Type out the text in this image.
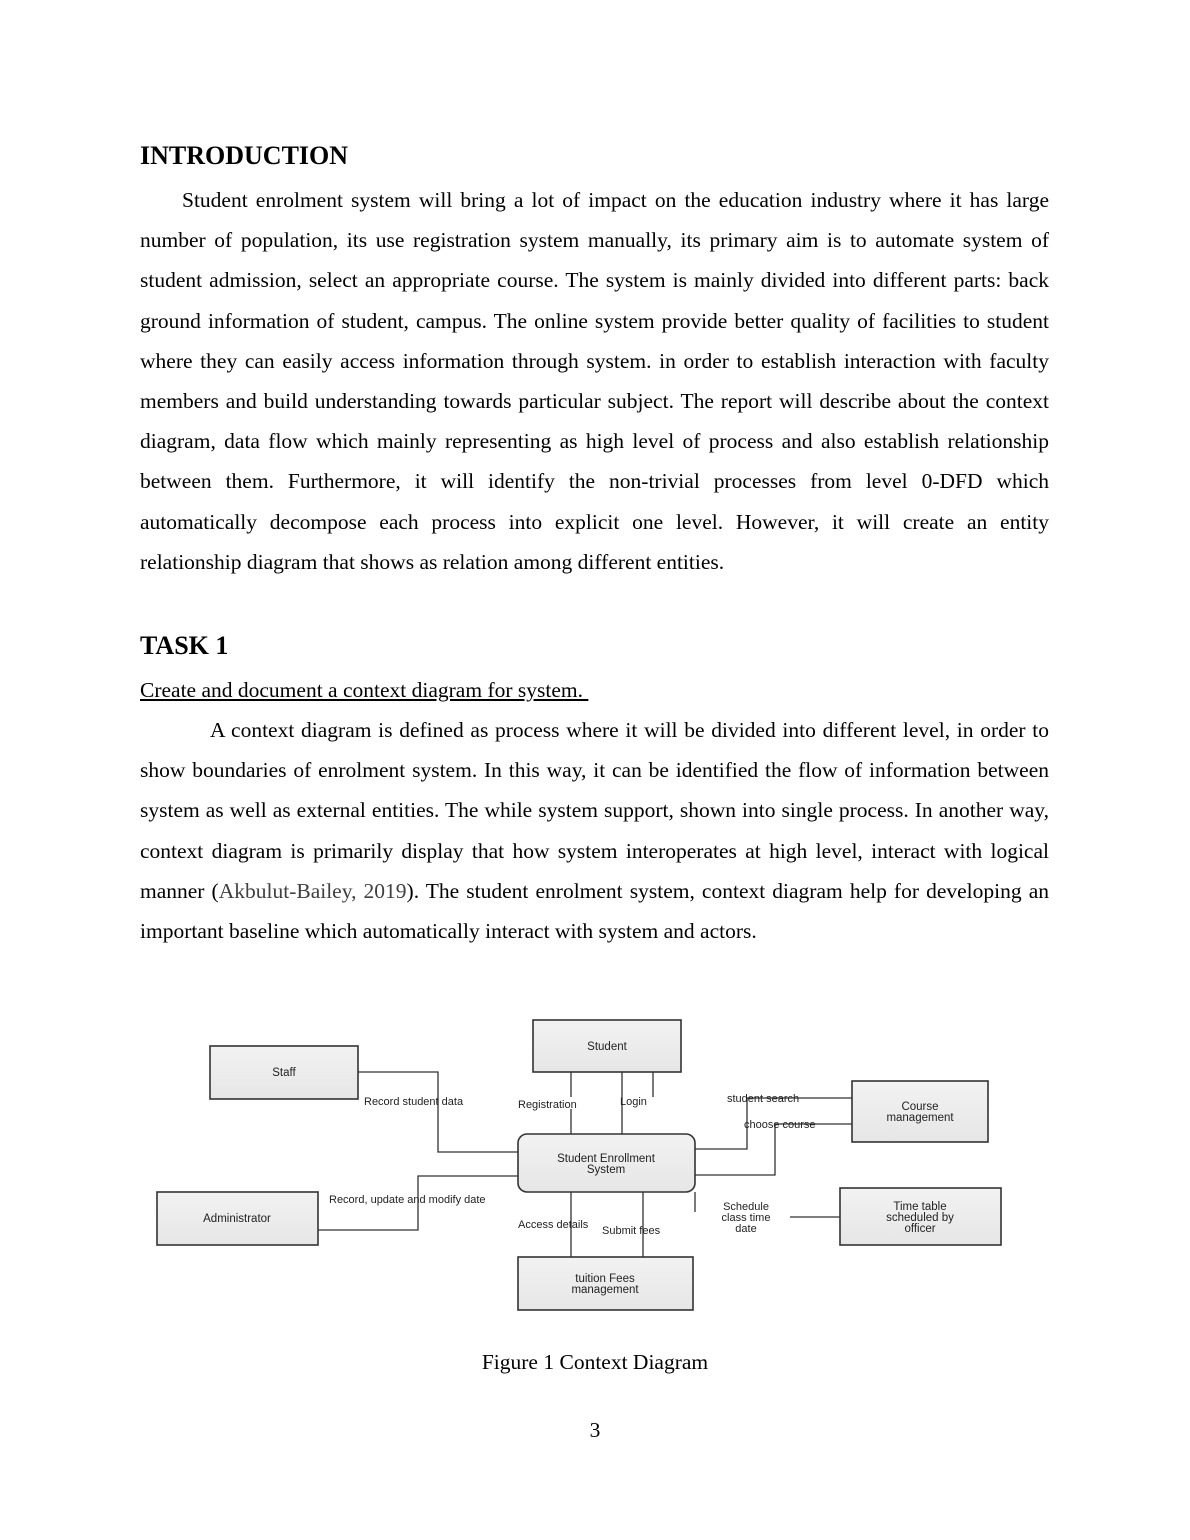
INTRODUCTION

Student enrolment system will bring a lot of impact on the education industry where it has large number of population, its use registration system manually, its primary aim is to automate system of student admission, select an appropriate course. The system is mainly divided into different parts: back ground information of student, campus. The online system provide better quality of facilities to student where they can easily access information through system. in order to establish interaction with faculty members and build understanding towards particular subject. The report will describe about the context diagram, data flow which mainly representing as high level of process and also establish relationship between them. Furthermore, it will identify the non-trivial processes from level 0-DFD which automatically decompose each process into explicit one level. However, it will create an entity relationship diagram that shows as relation among different entities.

TASK 1

Create and document a context diagram for system.

A context diagram is defined as process where it will be divided into different level, in order to show boundaries of enrolment system. In this way, it can be identified the flow of information between system as well as external entities. The while system support, shown into single process. In another way, context diagram is primarily display that how system interoperates at high level, interact with logical manner (Akbulut-Bailey, 2019). The student enrolment system, context diagram help for developing an important baseline which automatically interact with system and actors.

Student
Staff
Course
management
Administrator
Time table
scheduled by
officer
tuition Fees
management
Student Enrollment
System
Record student data	Registration	Login	student search
choose course
Record, update and modify date
Access details Submit fees
Schedule
class time
date
Figure 1 Context Diagram
3
